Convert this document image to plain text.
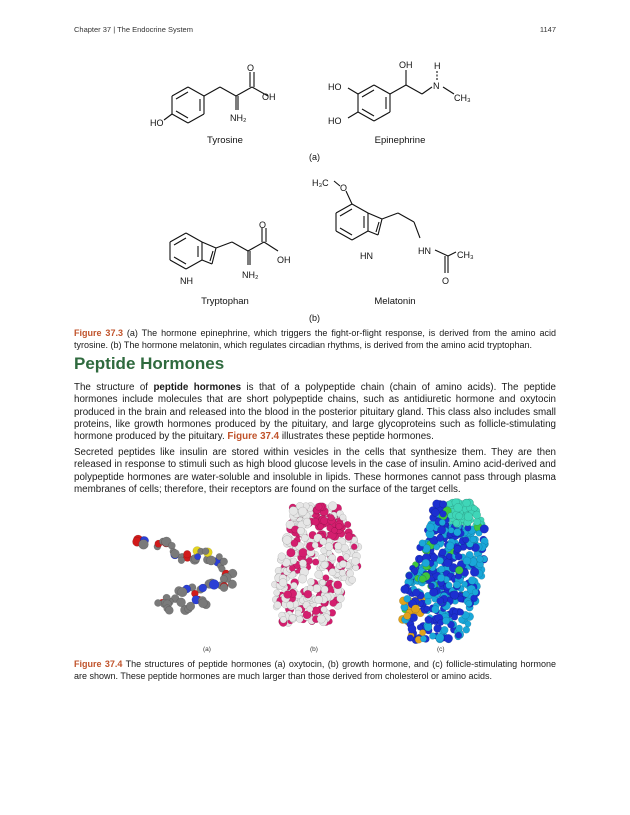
Chapter 37 | The Endocrine System	1147
O
OH
HO	NH₂
Tyrosine
OH H
N
CH₃
HO
HO
Epinephrine
(a)
O
OH
NH
NH₂
Tryptophan
H₃C O
HN	HN	CH₃
O
Melatonin
(b)
Figure 37.3 (a) The hormone epinephrine, which triggers the fight-or-flight response, is derived from the amino acid tyrosine. (b) The hormone melatonin, which regulates circadian rhythms, is derived from the amino acid tryptophan.
Peptide Hormones

The structure of peptide hormones is that of a polypeptide chain (chain of amino acids). The peptide hormones include molecules that are short polypeptide chains, such as antidiuretic hormone and oxytocin produced in the brain and released into the blood in the posterior pituitary gland. This class also includes small proteins, like growth hormones produced by the pituitary, and large glycoproteins such as follicle-stimulating hormone produced by the pituitary. Figure 37.4 illustrates these peptide hormones.

Secreted peptides like insulin are stored within vesicles in the cells that synthesize them. They are then released in response to stimuli such as high blood glucose levels in the case of insulin. Amino acid-derived and polypeptide hormones are water-soluble and insoluble in lipids. These hormones cannot pass through plasma membranes of cells; therefore, their receptors are found on the surface of the target cells.

(a)	(b)	(c)
Figure 37.4 The structures of peptide hormones (a) oxytocin, (b) growth hormone, and (c) follicle-stimulating hormone are shown. These peptide hormones are much larger than those derived from cholesterol or amino acids.
